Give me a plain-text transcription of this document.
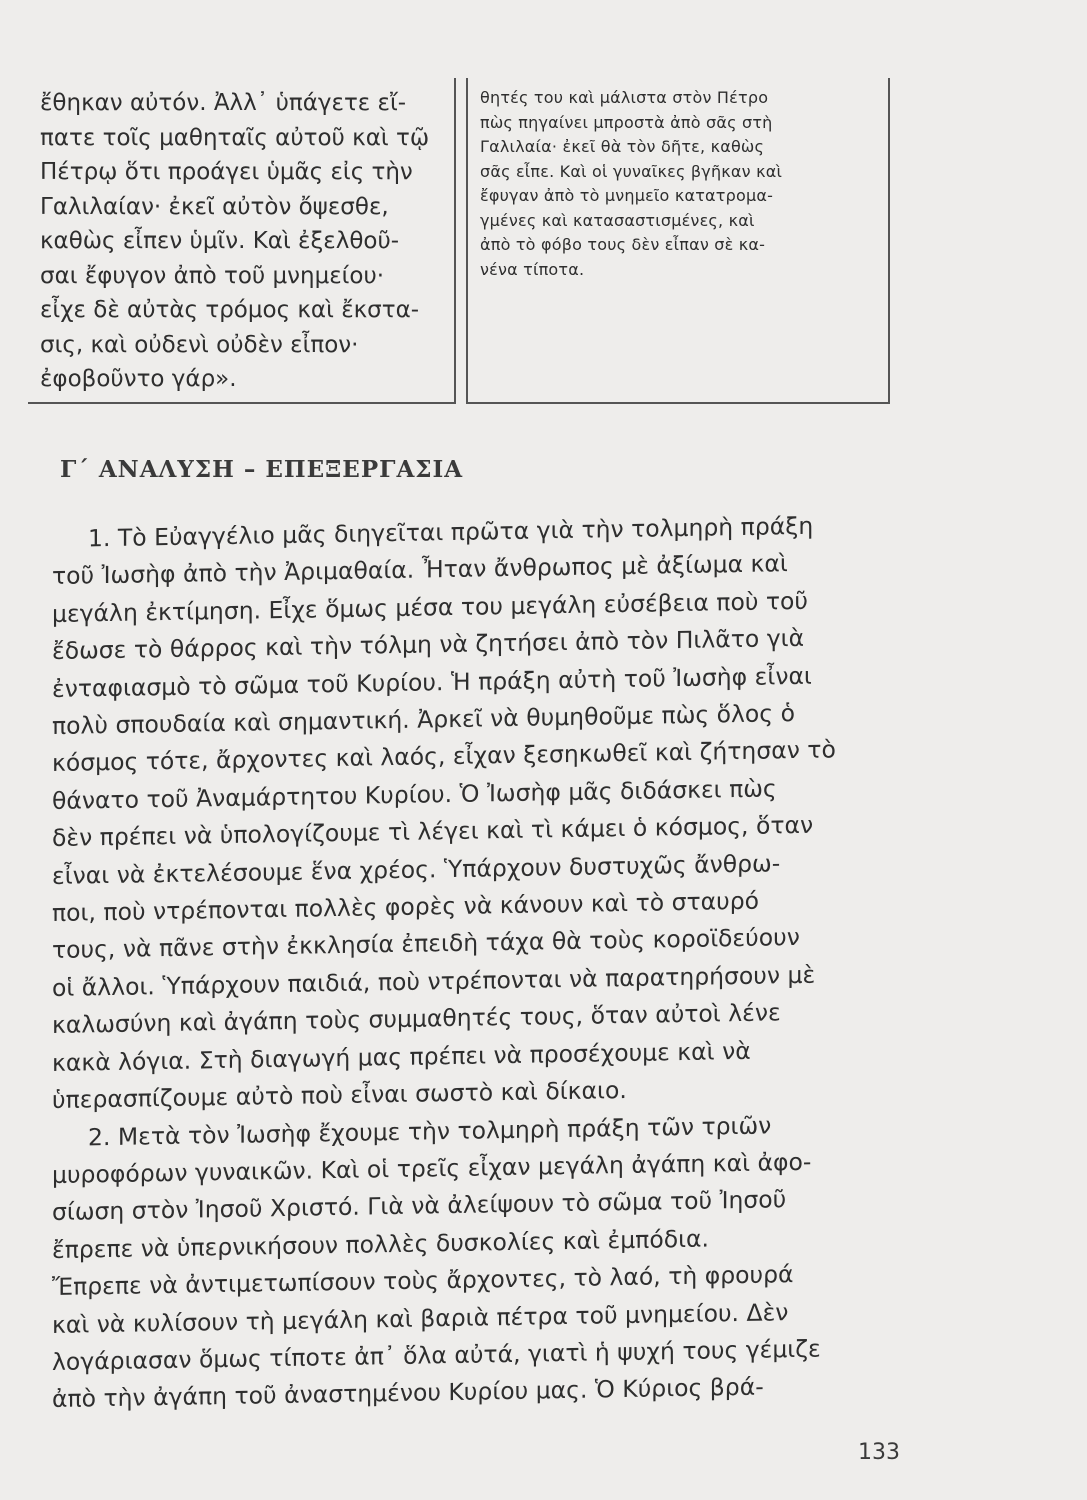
ἔθηκαν αὐτόν. Ἀλλ᾽ ὑπάγετε εἴ-

πατε τοῖς μαθηταῖς αὐτοῦ καὶ τῷ

Πέτρῳ ὅτι προάγει ὑμᾶς εἰς τὴν

Γαλιλαίαν· ἐκεῖ αὐτὸν ὄψεσθε,

καθὼς εἶπεν ὑμῖν. Καὶ ἐξελθοῦ-

σαι ἔφυγον ἀπὸ τοῦ μνημείου·

εἶχε δὲ αὐτὰς τρόμος καὶ ἔκστα-

σις, καὶ οὐδενὶ οὐδὲν εἶπον·

ἐφοβοῦντο γάρ».

θητές του καὶ μάλιστα στὸν Πέτρο

πὼς πηγαίνει μπροστὰ ἀπὸ σᾶς στὴ

Γαλιλαία· ἐκεῖ θὰ τὸν δῆτε, καθὼς

σᾶς εἶπε. Καὶ οἱ γυναῖκες βγῆκαν καὶ

ἔφυγαν ἀπὸ τὸ μνημεῖο κατατρομα-

γμένες καὶ κατασαστισμένες, καὶ

ἀπὸ τὸ φόβο τους δὲν εἶπαν σὲ κα-

νένα τίποτα.

Γ΄ ΑΝΑΛΥΣΗ – ΕΠΕΞΕΡΓΑΣΙΑ

1. Τὸ Εὐαγγέλιο μᾶς διηγεῖται πρῶτα γιὰ τὴν τολμηρὴ πράξη

τοῦ Ἰωσὴφ ἀπὸ τὴν Ἀριμαθαία. Ἦταν ἄνθρωπος μὲ ἀξίωμα καὶ

μεγάλη ἐκτίμηση. Εἶχε ὅμως μέσα του μεγάλη εὐσέβεια ποὺ τοῦ

ἔδωσε τὸ θάρρος καὶ τὴν τόλμη νὰ ζητήσει ἀπὸ τὸν Πιλᾶτο γιὰ

ἐνταφιασμὸ τὸ σῶμα τοῦ Κυρίου. Ἡ πράξη αὐτὴ τοῦ Ἰωσὴφ εἶναι

πολὺ σπουδαία καὶ σημαντική. Ἀρκεῖ νὰ θυμηθοῦμε πὼς ὅλος ὁ

κόσμος τότε, ἄρχοντες καὶ λαός, εἶχαν ξεσηκωθεῖ καὶ ζήτησαν τὸ

θάνατο τοῦ Ἀναμάρτητου Κυρίου. Ὁ Ἰωσὴφ μᾶς διδάσκει πὼς

δὲν πρέπει νὰ ὑπολογίζουμε τὶ λέγει καὶ τὶ κάμει ὁ κόσμος, ὅταν

εἶναι νὰ ἐκτελέσουμε ἕνα χρέος. Ὑπάρχουν δυστυχῶς ἄνθρω-

ποι, ποὺ ντρέπονται πολλὲς φορὲς νὰ κάνουν καὶ τὸ σταυρό

τους, νὰ πᾶνε στὴν ἐκκλησία ἐπειδὴ τάχα θὰ τοὺς κοροϊδεύουν

οἱ ἄλλοι. Ὑπάρχουν παιδιά, ποὺ ντρέπονται νὰ παρατηρήσουν μὲ

καλωσύνη καὶ ἀγάπη τοὺς συμμαθητές τους, ὅταν αὐτοὶ λένε

κακὰ λόγια. Στὴ διαγωγή μας πρέπει νὰ προσέχουμε καὶ νὰ

ὑπερασπίζουμε αὐτὸ ποὺ εἶναι σωστὸ καὶ δίκαιο.

2. Μετὰ τὸν Ἰωσὴφ ἔχουμε τὴν τολμηρὴ πράξη τῶν τριῶν

μυροφόρων γυναικῶν. Καὶ οἱ τρεῖς εἶχαν μεγάλη ἀγάπη καὶ ἀφο-

σίωση στὸν Ἰησοῦ Χριστό. Γιὰ νὰ ἀλείψουν τὸ σῶμα τοῦ Ἰησοῦ

ἔπρεπε νὰ ὑπερνικήσουν πολλὲς δυσκολίες καὶ ἐμπόδια.

Ἔπρεπε νὰ ἀντιμετωπίσουν τοὺς ἄρχοντες, τὸ λαό, τὴ φρουρά

καὶ νὰ κυλίσουν τὴ μεγάλη καὶ βαριὰ πέτρα τοῦ μνημείου. Δὲν

λογάριασαν ὅμως τίποτε ἀπ᾽ ὅλα αὐτά, γιατὶ ἡ ψυχή τους γέμιζε

ἀπὸ τὴν ἀγάπη τοῦ ἀναστημένου Κυρίου μας. Ὁ Κύριος βρά-

133
